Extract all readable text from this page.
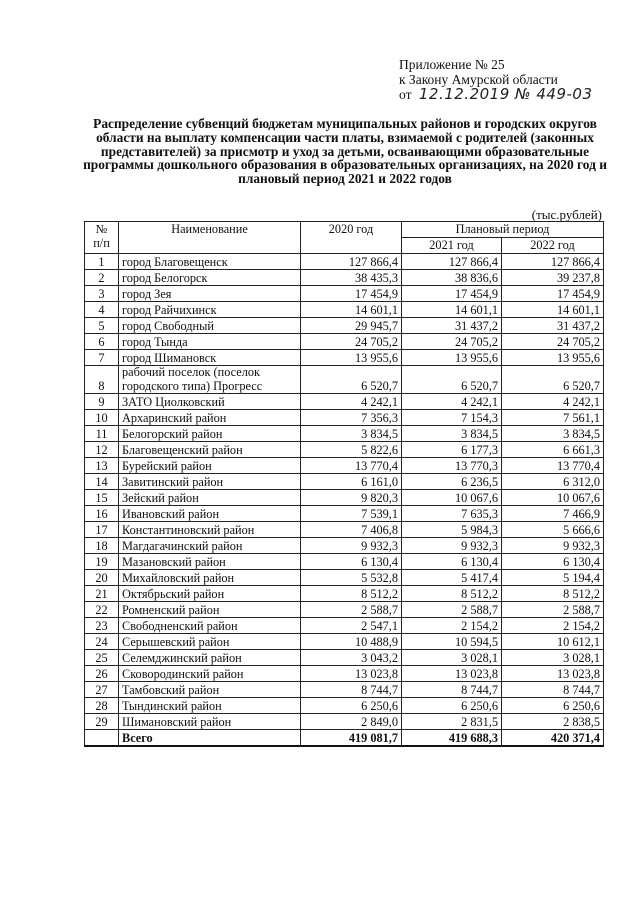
Приложение № 25
к Закону Амурской области
от 12.12.2019 № 449-03
Распределение субвенций бюджетам муниципальных районов и городских округов области на выплату компенсации части платы, взимаемой с родителей (законных представителей) за присмотр и уход за детьми, осваивающими образовательные программы дошкольного образования в образовательных организациях, на 2020 год и плановый период 2021 и 2022 годов
(тыс.рублей)
№
п/п	Наименование	2020 год	Плановый период	
			2021 год	2022 год
1	город Благовещенск	127 866,4	127 866,4	127 866,4
2	город Белогорск	38 435,3	38 836,6	39 237,8
3	город Зея	17 454,9	17 454,9	17 454,9
4	город Райчихинск	14 601,1	14 601,1	14 601,1
5	город Свободный	29 945,7	31 437,2	31 437,2
6	город Тында	24 705,2	24 705,2	24 705,2
7	город Шимановск	13 955,6	13 955,6	13 955,6
8	рабочий поселок (поселок городского типа) Прогресс	6 520,7	6 520,7	6 520,7
9	ЗАТО Циолковский	4 242,1	4 242,1	4 242,1
10	Архаринский район	7 356,3	7 154,3	7 561,1
11	Белогорский район	3 834,5	3 834,5	3 834,5
12	Благовещенский район	5 822,6	6 177,3	6 661,3
13	Бурейский район	13 770,4	13 770,3	13 770,4
14	Завитинский район	6 161,0	6 236,5	6 312,0
15	Зейский район	9 820,3	10 067,6	10 067,6
16	Ивановский район	7 539,1	7 635,3	7 466,9
17	Константиновский район	7 406,8	5 984,3	5 666,6
18	Магдагачинский район	9 932,3	9 932,3	9 932,3
19	Мазановский район	6 130,4	6 130,4	6 130,4
20	Михайловский район	5 532,8	5 417,4	5 194,4
21	Октябрьский район	8 512,2	8 512,2	8 512,2
22	Ромненский район	2 588,7	2 588,7	2 588,7
23	Свободненский район	2 547,1	2 154,2	2 154,2
24	Серышевский район	10 488,9	10 594,5	10 612,1
25	Селемджинский район	3 043,2	3 028,1	3 028,1
26	Сковородинский район	13 023,8	13 023,8	13 023,8
27	Тамбовский район	8 744,7	8 744,7	8 744,7
28	Тындинский район	6 250,6	6 250,6	6 250,6
29	Шимановский район	2 849,0	2 831,5	2 838,5
	Всего	419 081,7	419 688,3	420 371,4
